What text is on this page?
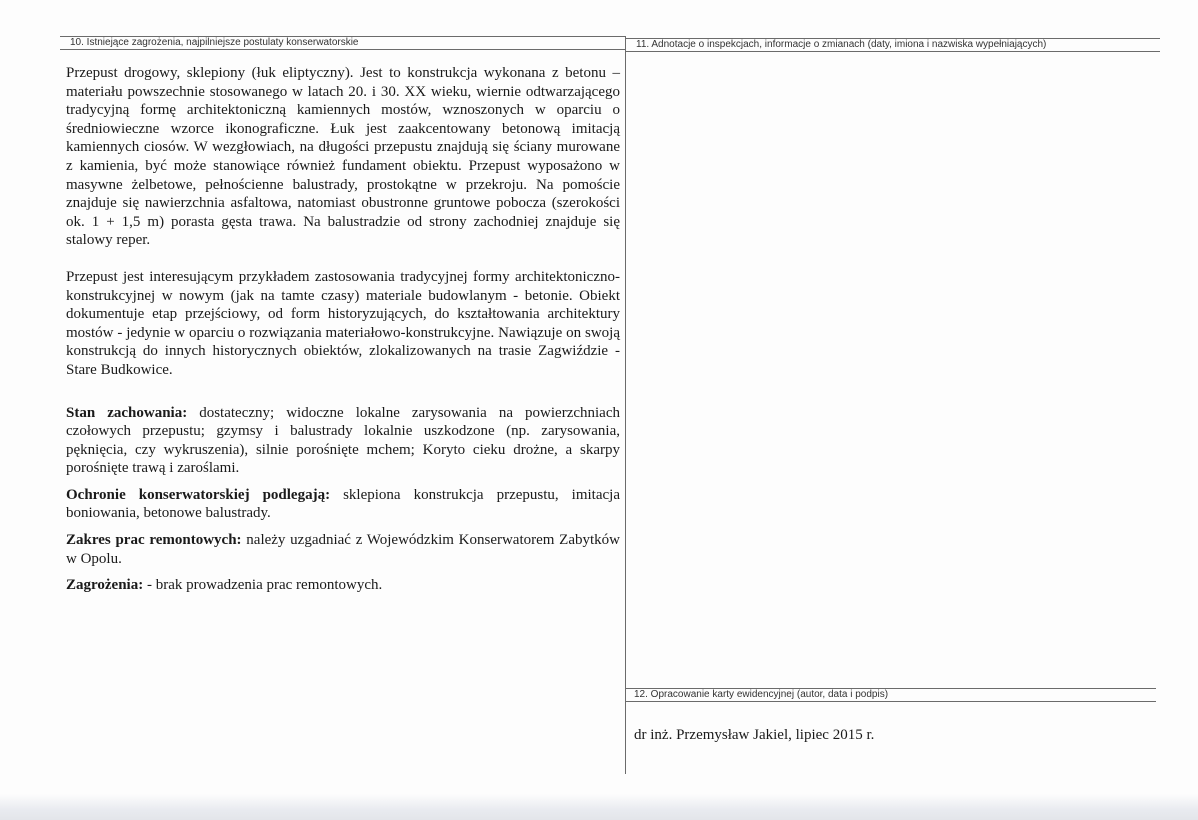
10. Istniejące zagrożenia, najpilniejsze postulaty konserwatorskie	11. Adnotacje o inspekcjach, informacje o zmianach (daty, imiona i nazwiska wypełniających)
12. Opracowanie karty ewidencyjnej (autor, data i podpis)

Przepust drogowy, sklepiony (łuk eliptyczny). Jest to konstrukcja wykonana z betonu – materiału powszechnie stosowanego w latach 20. i 30. XX wieku, wiernie odtwarzającego tradycyjną formę architektoniczną kamiennych mostów, wznoszonych w oparciu o średniowieczne wzorce ikonograficzne. Łuk jest zaakcentowany betonową imitacją kamiennych ciosów. W wezgłowiach, na długości przepustu znajdują się ściany murowane z kamienia, być może stanowiące również fundament obiektu. Przepust wyposażono w masywne żelbetowe, pełnościenne balustrady, prostokątne w przekroju. Na pomoście znajduje się nawierzchnia asfaltowa, natomiast obustronne gruntowe pobocza (szerokości ok. 1 + 1,5 m) porasta gęsta trawa. Na balustradzie od strony zachodniej znajduje się stalowy reper.

Przepust jest interesującym przykładem zastosowania tradycyjnej formy architektoniczno-konstrukcyjnej w nowym (jak na tamte czasy) materiale budowlanym - betonie. Obiekt dokumentuje etap przejściowy, od form historyzujących, do kształtowania architektury mostów - jedynie w oparciu o rozwiązania materiałowo-konstrukcyjne. Nawiązuje on swoją konstrukcją do innych historycznych obiektów, zlokalizowanych na trasie Zagwiździe - Stare Budkowice.

Stan zachowania: dostateczny; widoczne lokalne zarysowania na powierzchniach czołowych przepustu; gzymsy i balustrady lokalnie uszkodzone (np. zarysowania, pęknięcia, czy wykruszenia), silnie porośnięte mchem; Koryto cieku drożne, a skarpy porośnięte trawą i zaroślami.

Ochronie konserwatorskiej podlegają: sklepiona konstrukcja przepustu, imitacja boniowania, betonowe balustrady.

Zakres prac remontowych: należy uzgadniać z Wojewódzkim Konserwatorem Zabytków w Opolu.

Zagrożenia: - brak prowadzenia prac remontowych.

dr inż. Przemysław Jakiel, lipiec 2015 r.
